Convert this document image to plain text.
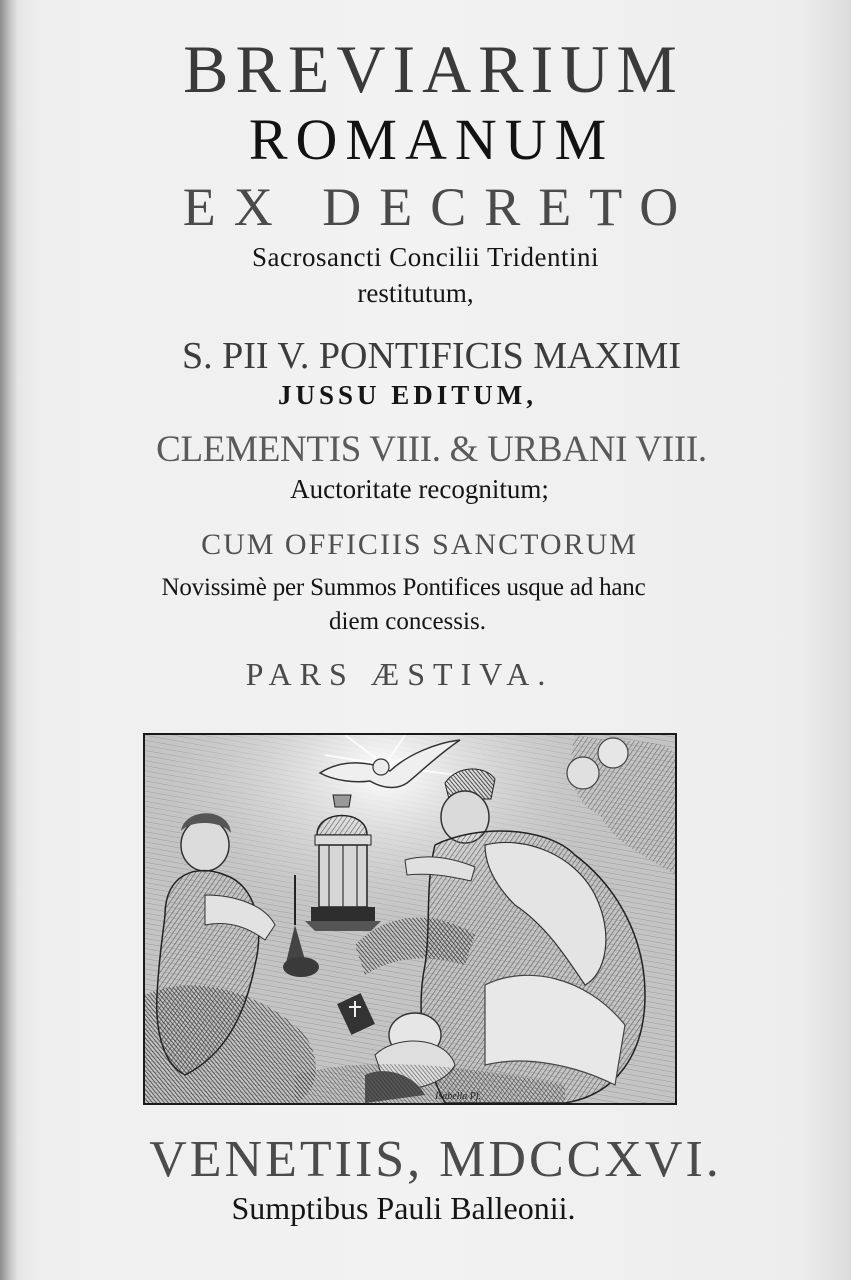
BREVIARIUM
ROMANUM
EX DECRETO
Sacrosancti Concilii Tridentini
restitutum,
S. PII V. PONTIFICIS MAXIMI
JUSSU EDITUM,
CLEMENTIS VIII. & URBANI VIII.
Auctoritate recognitum;
CUM OFFICIIS SANCTORUM
Novissimè per Summos Pontifices usque ad hanc
diem concessis.
PARS ÆSTIVA.
Isabella Pf.
VENETIIS, MDCCXVI.
Sumptibus Pauli Balleonii.
